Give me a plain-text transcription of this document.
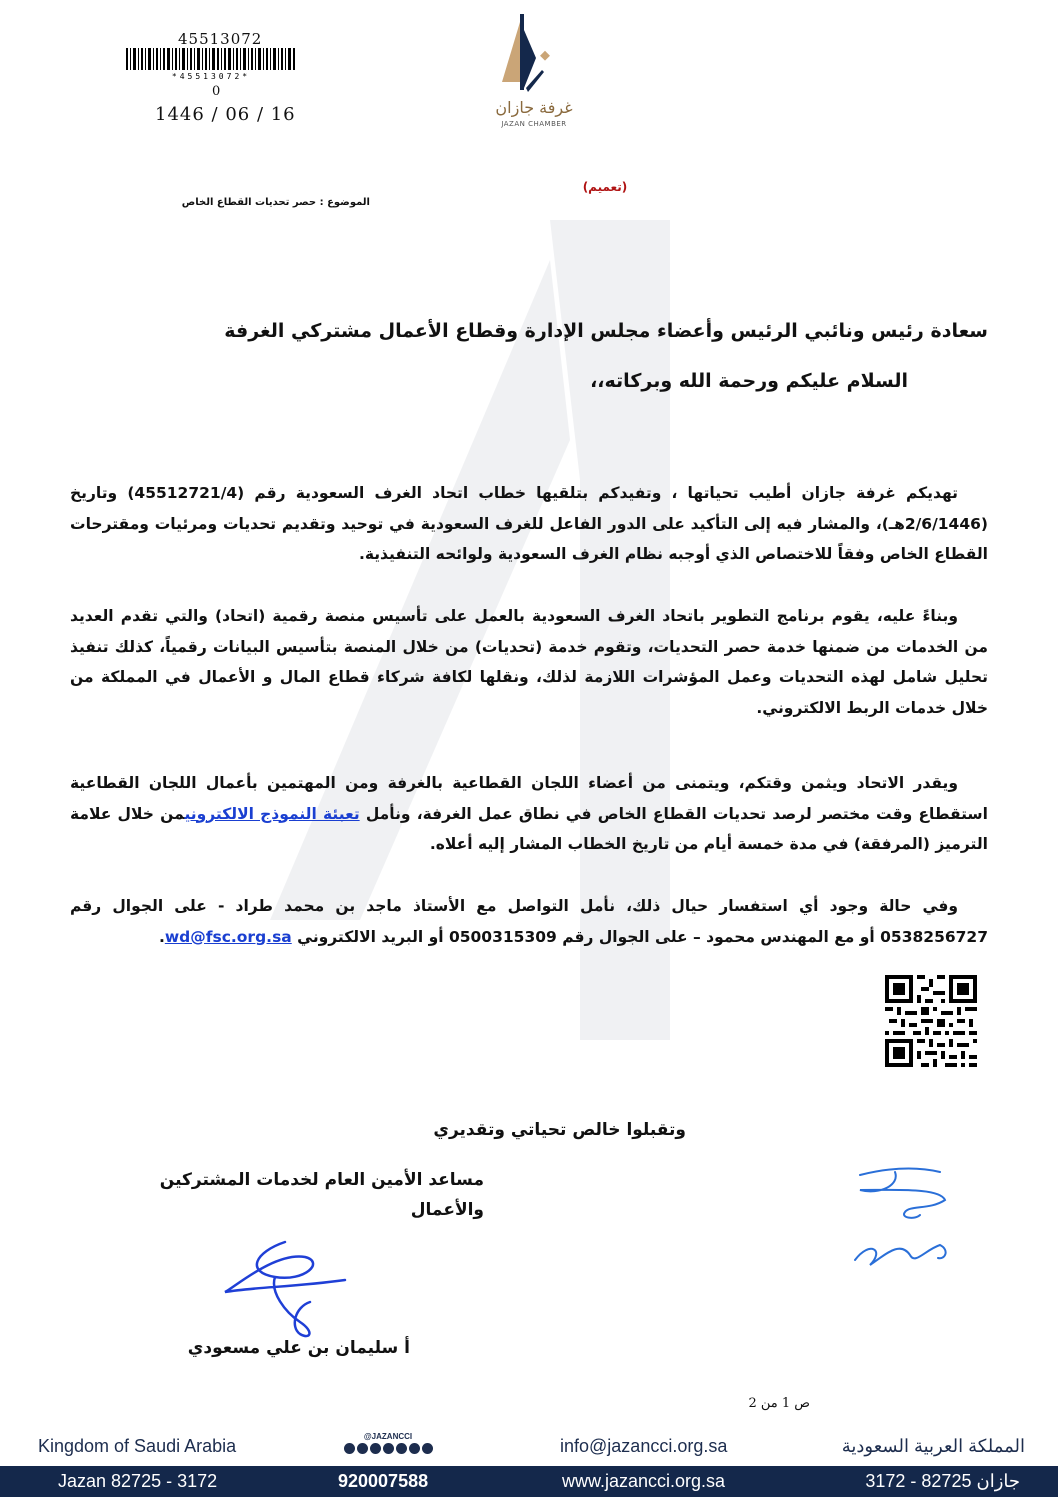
45513072
*45513072*
0
1446 / 06 / 16	غرفة جازان
JAZAN CHAMBER
(تعميم)
الموضوع : حصر تحديات القطاع الخاص
سعادة رئيس ونائبي الرئيس وأعضاء مجلس الإدارة وقطاع الأعمال مشتركي الغرفة
السلام عليكم ورحمة الله وبركاته،،
تهديكم غرفة جازان أطيب تحياتها ، وتفيدكم بتلقيها خطاب اتحاد الغرف السعودية رقم (45512721/4) وتاريخ (2/6/1446هـ)، والمشار فيه إلى التأكيد على الدور الفاعل للغرف السعودية في توحيد وتقديم تحديات ومرئيات ومقترحات القطاع الخاص وفقاً للاختصاص الذي أوجبه نظام الغرف السعودية ولوائحه التنفيذية.
وبناءً عليه، يقوم برنامج التطوير باتحاد الغرف السعودية بالعمل على تأسيس منصة رقمية (اتحاد) والتي تقدم العديد من الخدمات من ضمنها خدمة حصر التحديات، وتقوم خدمة (تحديات) من خلال المنصة بتأسيس البيانات رقمياً، كذلك تنفيذ تحليل شامل لهذه التحديات وعمل المؤشرات اللازمة لذلك، ونقلها لكافة شركاء قطاع المال و الأعمال في المملكة من خلال خدمات الربط الالكتروني.
ويقدر الاتحاد ويثمن وقتكم، ويتمنى من أعضاء اللجان القطاعية بالغرفة ومن المهتمين بأعمال اللجان القطاعية استقطاع وقت مختصر لرصد تحديات القطاع الخاص في نطاق عمل الغرفة، ونأمل تعبئة النموذج الالكترونيمن خلال علامة الترميز (المرفقة) في مدة خمسة أيام من تاريخ الخطاب المشار إليه أعلاه.
وفي حالة وجود أي استفسار حيال ذلك، نأمل التواصل مع الأستاذ ماجد بن محمد طراد - على الجوال رقم 0538256727 أو مع المهندس محمود – على الجوال رقم 0500315309 أو البريد الالكتروني wd@fsc.org.sa.
وتقبلوا خالص تحياتي وتقديري
مساعد الأمين العام لخدمات المشتركين
والأعمال
أ سليمان بن علي مسعودي
ص 1 من 2
Kingdom of Saudi Arabia	@JAZANCCI	info@jazancci.org.sa	المملكة العربية السعودية
Jazan 82725 - 3172	920007588	www.jazancci.org.sa	جازان 82725 - 3172
